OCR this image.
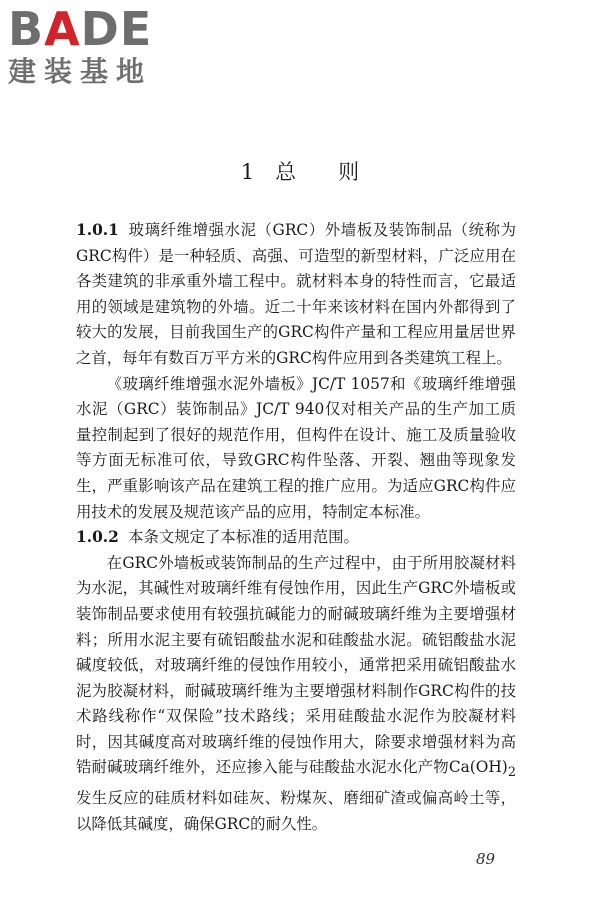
BADE
建装基地
1　总　　则

1.0.1 玻璃纤维增强水泥（GRC）外墙板及装饰制品（统称为GRC构件）是一种轻质、高强、可造型的新型材料，广泛应用在各类建筑的非承重外墙工程中。就材料本身的特性而言，它最适用的领域是建筑物的外墙。近二十年来该材料在国内外都得到了较大的发展，目前我国生产的GRC构件产量和工程应用量居世界之首，每年有数百万平方米的GRC构件应用到各类建筑工程上。

《玻璃纤维增强水泥外墙板》JC/T 1057和《玻璃纤维增强水泥（GRC）装饰制品》JC/T 940仅对相关产品的生产加工质量控制起到了很好的规范作用，但构件在设计、施工及质量验收等方面无标准可依，导致GRC构件坠落、开裂、翘曲等现象发生，严重影响该产品在建筑工程的推广应用。为适应GRC构件应用技术的发展及规范该产品的应用，特制定本标准。

1.0.2 本条文规定了本标准的适用范围。

在GRC外墙板或装饰制品的生产过程中，由于所用胶凝材料为水泥，其碱性对玻璃纤维有侵蚀作用，因此生产GRC外墙板或装饰制品要求使用有较强抗碱能力的耐碱玻璃纤维为主要增强材料；所用水泥主要有硫铝酸盐水泥和硅酸盐水泥。硫铝酸盐水泥碱度较低，对玻璃纤维的侵蚀作用较小，通常把采用硫铝酸盐水泥为胶凝材料，耐碱玻璃纤维为主要增强材料制作GRC构件的技术路线称作“双保险”技术路线；采用硅酸盐水泥作为胶凝材料时，因其碱度高对玻璃纤维的侵蚀作用大，除要求增强材料为高锆耐碱玻璃纤维外，还应掺入能与硅酸盐水泥水化产物$Ca(OH)_2$发生反应的硅质材料如硅灰、粉煤灰、磨细矿渣或偏高岭土等，以降低其碱度，确保GRC的耐久性。

89
